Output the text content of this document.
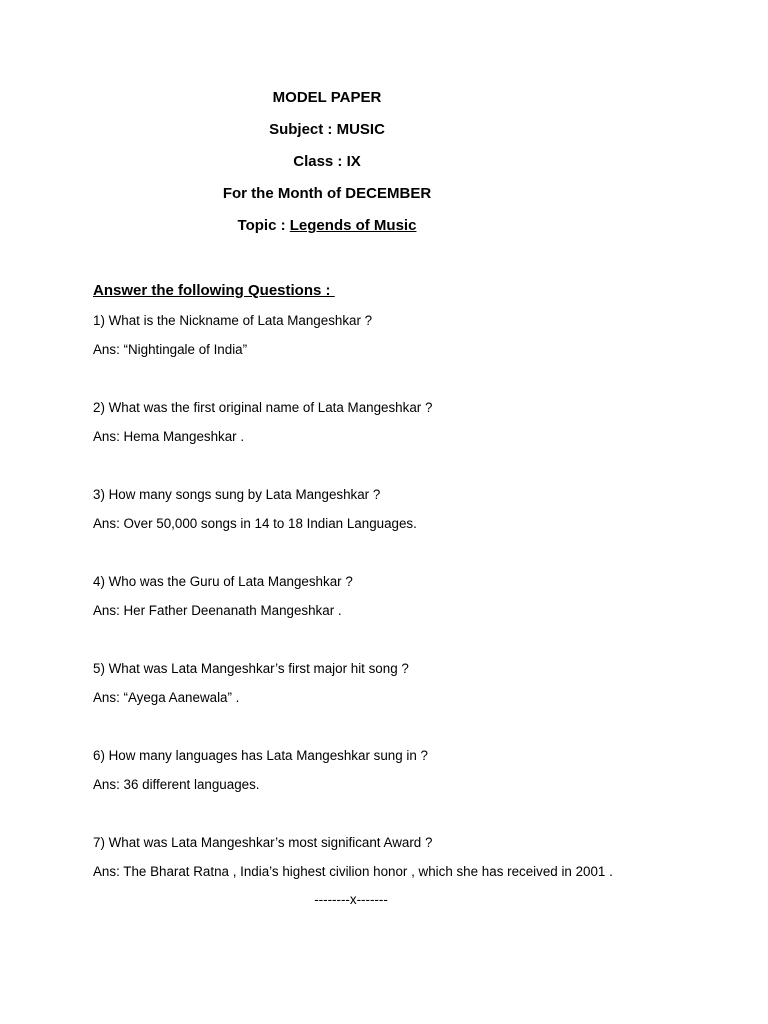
MODEL PAPER
Subject : MUSIC
Class : IX
For the Month of DECEMBER
Topic : Legends of Music
Answer the following Questions :
1) What is the Nickname of Lata Mangeshkar ?
Ans: “Nightingale of India”
2) What was the first original name of Lata Mangeshkar ?
Ans: Hema Mangeshkar .
3) How many songs sung by Lata Mangeshkar ?
Ans: Over 50,000 songs in 14 to 18 Indian Languages.
4) Who was the Guru of Lata Mangeshkar ?
Ans: Her Father Deenanath Mangeshkar .
5) What was Lata Mangeshkar’s first major hit song ?
Ans: “Ayega Aanewala” .
6) How many languages has Lata Mangeshkar sung in ?
Ans: 36 different languages.
7) What was Lata Mangeshkar’s most significant Award ?
Ans: The Bharat Ratna , India’s highest civilion honor , which she has received in 2001 .
--------x-------
